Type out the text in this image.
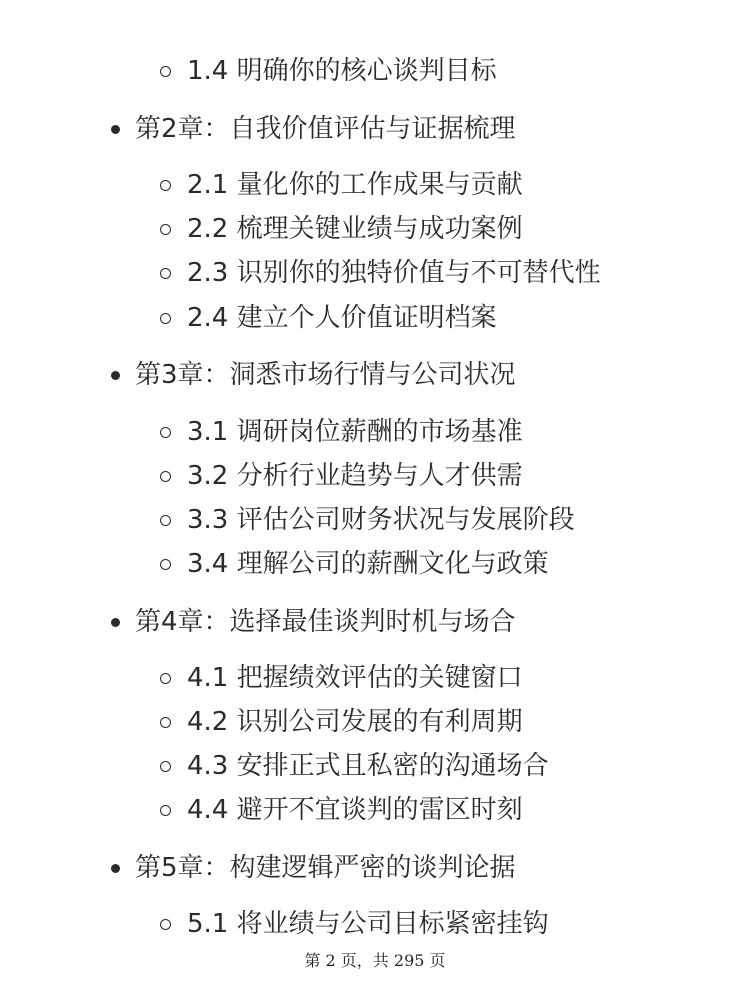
1.4 明确你的核心谈判目标
第2章：自我价值评估与证据梳理
2.1 量化你的工作成果与贡献
2.2 梳理关键业绩与成功案例
2.3 识别你的独特价值与不可替代性
2.4 建立个人价值证明档案
第3章：洞悉市场行情与公司状况
3.1 调研岗位薪酬的市场基准
3.2 分析行业趋势与人才供需
3.3 评估公司财务状况与发展阶段
3.4 理解公司的薪酬文化与政策
第4章：选择最佳谈判时机与场合
4.1 把握绩效评估的关键窗口
4.2 识别公司发展的有利周期
4.3 安排正式且私密的沟通场合
4.4 避开不宜谈判的雷区时刻
第5章：构建逻辑严密的谈判论据
5.1 将业绩与公司目标紧密挂钩
第 2 页，共 295 页
